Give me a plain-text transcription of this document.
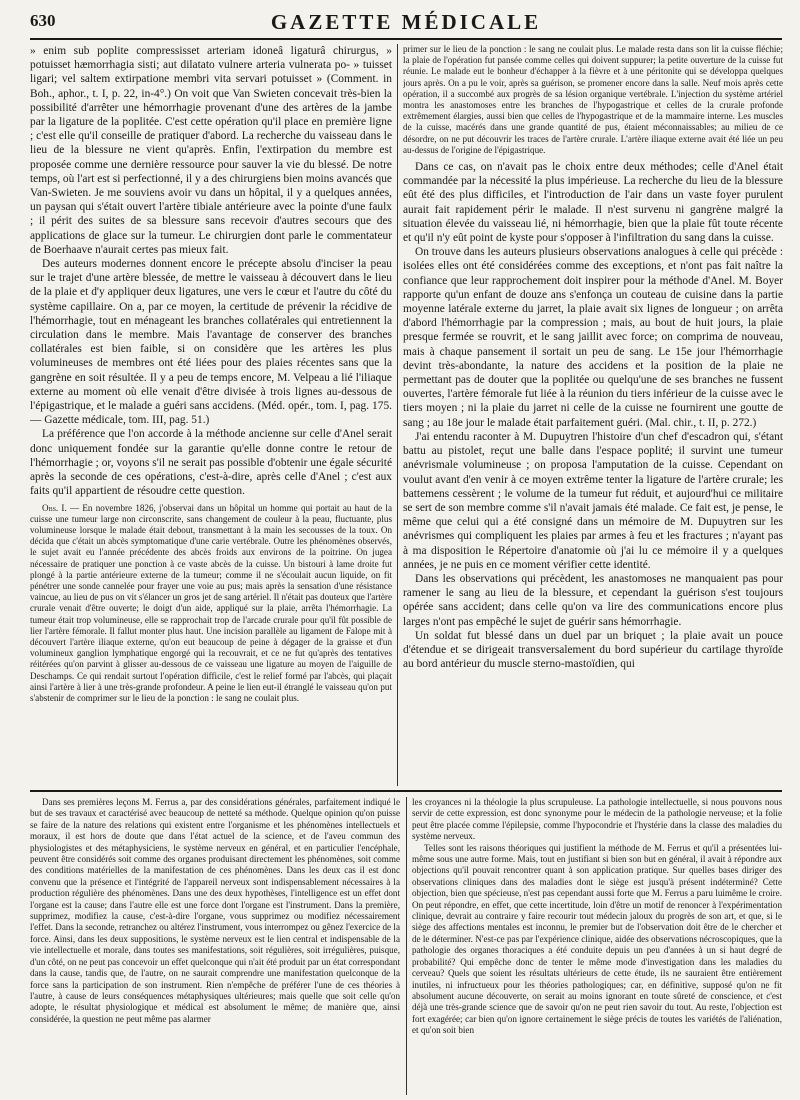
630	GAZETTE MÉDICALE

» enim sub poplite compressisset arteriam idoneâ ligaturâ chirurgus, » potuisset hæmorrhagia sisti; aut dilatato vulnere arteria vulnerata po- » tuisset ligari; vel saltem extirpatione membri vita servari potuisset » (Comment. in Boh., aphor., t. I, p. 22, in-4°.) On voit que Van Swieten concevait très-bien la possibilité d'arrêter une hémorrhagie provenant d'une des artères de la jambe par la ligature de la poplitée. C'est cette opération qu'il place en première ligne ; c'est elle qu'il conseille de pratiquer d'abord. La recherche du vaisseau dans le lieu de la blessure ne vient qu'après. Enfin, l'extirpation du membre est proposée comme une dernière ressource pour sauver la vie du blessé. De notre temps, où l'art est si perfectionné, il y a des chirurgiens bien moins avancés que Van-Swieten. Je me souviens avoir vu dans un hôpital, il y a quelques années, un paysan qui s'était ouvert l'artère tibiale antérieure avec la pointe d'une faulx ; il périt des suites de sa blessure sans recevoir d'autres secours que des applications de glace sur la tumeur. Le chirurgien dont parle le commentateur de Boerhaave n'aurait certes pas mieux fait.

Des auteurs modernes donnent encore le précepte absolu d'inciser la peau sur le trajet d'une artère blessée, de mettre le vaisseau à découvert dans le lieu de la plaie et d'y appliquer deux ligatures, une vers le cœur et l'autre du côté du système capillaire. On a, par ce moyen, la certitude de prévenir la récidive de l'hémorrhagie, tout en ménageant les branches collatérales qui entretiennent la circulation dans le membre. Mais l'avantage de conserver des branches collatérales est bien faible, si on considère que les artères les plus volumineuses de membres ont été liées pour des plaies récentes sans que la gangrène en soit résultée. Il y a peu de temps encore, M. Velpeau a lié l'iliaque externe au moment où elle venait d'être divisée à trois lignes au-dessous de l'épigastrique, et le malade a guéri sans accidens. (Méd. opér., tom. I, pag. 175. — Gazette médicale, tom. III, pag. 51.)

La préférence que l'on accorde à la méthode ancienne sur celle d'Anel serait donc uniquement fondée sur la garantie qu'elle donne contre le retour de l'hémorrhagie ; or, voyons s'il ne serait pas possible d'obtenir une égale sécurité après la seconde de ces opérations, c'est-à-dire, après celle d'Anel ; c'est aux faits qu'il appartient de résoudre cette question.

Obs. I. — En novembre 1826, j'observai dans un hôpital un homme qui portait au haut de la cuisse une tumeur large non circonscrite, sans changement de couleur à la peau, fluctuante, plus volumineuse lorsque le malade était debout, transmettant à la main les secousses de la toux. On décida que c'était un abcès symptomatique d'une carie vertébrale. Outre les phénomènes observés, le sujet avait eu l'année précédente des abcès froids aux environs de la poitrine. On jugea nécessaire de pratiquer une ponction à ce vaste abcès de la cuisse. Un bistouri à lame droite fut plongé à la partie antérieure externe de la tumeur; comme il ne s'écoulait aucun liquide, on fit pénétrer une sonde cannelée pour frayer une voie au pus; mais après la sensation d'une résistance vaincue, au lieu de pus on vit s'élancer un gros jet de sang artériel. Il n'était pas douteux que l'artère crurale venait d'être ouverte; le doigt d'un aide, appliqué sur la plaie, arrêta l'hémorrhagie. La tumeur était trop volumineuse, elle se rapprochait trop de l'arcade crurale pour qu'il fût possible de lier l'artère fémorale. Il fallut monter plus haut. Une incision parallèle au ligament de Falope mit à découvert l'artère iliaque externe, qu'on eut beaucoup de peine à dégager de la graisse et d'un volumineux ganglion lymphatique engorgé qui la recouvrait, et ce ne fut qu'après des tentatives réitérées qu'on parvint à glisser au-dessous de ce vaisseau une ligature au moyen de l'aiguille de Deschamps. Ce qui rendait surtout l'opération difficile, c'est le relief formé par l'abcès, qui plaçait ainsi l'artère à lier à une très-grande profondeur. A peine le lien eut-il étranglé le vaisseau qu'on put s'abstenir de comprimer sur le lieu de la ponction : le sang ne coulait plus.

primer sur le lieu de la ponction : le sang ne coulait plus. Le malade resta dans son lit la cuisse fléchie; la plaie de l'opération fut pansée comme celles qui doivent suppurer; la petite ouverture de la cuisse fut réunie. Le malade eut le bonheur d'échapper à la fièvre et à une péritonite qui se développa quelques jours après. On a pu le voir, après sa guérison, se promener encore dans la salle. Neuf mois après cette opération, il a succombé aux progrès de sa lésion organique vertébrale. L'injection du système artériel montra les anastomoses entre les branches de l'hypogastrique et celles de la crurale profonde extrêmement élargies, aussi bien que celles de l'hypogastrique et de la mammaire interne. Les muscles de la cuisse, macérés dans une grande quantité de pus, étaient méconnaissables; au milieu de ce désordre, on ne put découvrir les traces de l'artère crurale. L'artère iliaque externe avait été liée un peu au-dessus de l'origine de l'épigastrique.

Dans ce cas, on n'avait pas le choix entre deux méthodes; celle d'Anel était commandée par la nécessité la plus impérieuse. La recherche du lieu de la blessure eût été des plus difficiles, et l'introduction de l'air dans un vaste foyer purulent aurait fait rapidement périr le malade. Il n'est survenu ni gangrène malgré la situation élevée du vaisseau lié, ni hémorrhagie, bien que la plaie fût toute récente et qu'il n'y eût point de kyste pour s'opposer à l'infiltration du sang dans la cuisse.

On trouve dans les auteurs plusieurs observations analogues à celle qui précède : isolées elles ont été considérées comme des exceptions, et n'ont pas fait naître la confiance que leur rapprochement doit inspirer pour la méthode d'Anel. M. Boyer rapporte qu'un enfant de douze ans s'enfonça un couteau de cuisine dans la partie moyenne latérale externe du jarret, la plaie avait six lignes de longueur ; on arrêta d'abord l'hémorrhagie par la compression ; mais, au bout de huit jours, la plaie presque fermée se rouvrit, et le sang jaillit avec force; on comprima de nouveau, mais à chaque pansement il sortait un peu de sang. Le 15e jour l'hémorrhagie devint très-abondante, la nature des accidens et la position de la plaie ne permettant pas de douter que la poplitée ou quelqu'une de ses branches ne fussent ouvertes, l'artère fémorale fut liée à la réunion du tiers inférieur de la cuisse avec le tiers moyen ; ni la plaie du jarret ni celle de la cuisse ne fournirent une goutte de sang ; au 18e jour le malade était parfaitement guéri. (Mal. chir., t. II, p. 272.)

J'ai entendu raconter à M. Dupuytren l'histoire d'un chef d'escadron qui, s'étant battu au pistolet, reçut une balle dans l'espace poplité; il survint une tumeur anévrismale volumineuse ; on proposa l'amputation de la cuisse. Cependant on voulut avant d'en venir à ce moyen extrême tenter la ligature de l'artère crurale; les battemens cessèrent ; le volume de la tumeur fut réduit, et aujourd'hui ce militaire se sert de son membre comme s'il n'avait jamais été malade. Ce fait est, je pense, le même que celui qui a été consigné dans un mémoire de M. Dupuytren sur les anévrismes qui compliquent les plaies par armes à feu et les fractures ; n'ayant pas à ma disposition le Répertoire d'anatomie où j'ai lu ce mémoire il y a quelques années, je ne puis en ce moment vérifier cette identité.

Dans les observations qui précèdent, les anastomoses ne manquaient pas pour ramener le sang au lieu de la blessure, et cependant la guérison s'est toujours opérée sans accident; dans celle qu'on va lire des communications encore plus larges n'ont pas empêché le sujet de guérir sans hémorrhagie.

Un soldat fut blessé dans un duel par un briquet ; la plaie avait un pouce d'étendue et se dirigeait transversalement du bord supérieur du cartilage thyroïde au bord antérieur du muscle sterno-mastoïdien, qui

Dans ses premières leçons M. Ferrus a, par des considérations générales, parfaitement indiqué le but de ses travaux et caractérisé avec beaucoup de netteté sa méthode. Quelque opinion qu'on puisse se faire de la nature des relations qui existent entre l'organisme et les phénomènes intellectuels et moraux, il est hors de doute que dans l'état actuel de la science, et de l'aveu commun des physiologistes et des métaphysiciens, le système nerveux en général, et en particulier l'encéphale, peuvent être considérés soit comme des organes produisant directement les phénomènes, soit comme des conditions matérielles de la manifestation de ces phénomènes. Dans les deux cas il est donc convenu que la présence et l'intégrité de l'appareil nerveux sont indispensablement nécessaires à la production régulière des phénomènes. Dans une des deux hypothèses, l'intelligence est un effet dont l'organe est la cause; dans l'autre elle est une force dont l'organe est l'instrument. Dans la première, supprimez, modifiez la cause, c'est-à-dire l'organe, vous supprimez ou modifiez nécessairement l'effet. Dans la seconde, retranchez ou altérez l'instrument, vous interrompez ou gênez l'exercice de la force. Ainsi, dans les deux suppositions, le système nerveux est le lien central et indispensable de la vie intellectuelle et morale, dans toutes ses manifestations, soit régulières, soit irrégulières, puisque, d'un côté, on ne peut pas concevoir un effet quelconque qui n'ait été produit par un état correspondant dans la cause, tandis que, de l'autre, on ne saurait comprendre une manifestation quelconque de la force sans la participation de son instrument. Rien n'empêche de préférer l'une de ces théories à l'autre, à cause de leurs conséquences métaphysiques ultérieures; mais quelle que soit celle qu'on adopte, le résultat physiologique et médical est absolument le même; de manière que, ainsi considérée, la question ne peut même pas alarmer

les croyances ni la théologie la plus scrupuleuse. La pathologie intellectuelle, si nous pouvons nous servir de cette expression, est donc synonyme pour le médecin de la pathologie nerveuse; et la folie peut être placée comme l'épilepsie, comme l'hypocondrie et l'hystérie dans la classe des maladies du système nerveux.

Telles sont les raisons théoriques qui justifient la méthode de M. Ferrus et qu'il a présentées lui-même sous une autre forme. Mais, tout en justifiant si bien son but en général, il avait à répondre aux objections qu'il pouvait rencontrer quant à son application pratique. Sur quelles bases diriger des observations cliniques dans des maladies dont le siège est jusqu'à présent indéterminé? Cette objection, bien que spécieuse, n'est pas cependant aussi forte que M. Ferrus a paru luimême le croire. On peut répondre, en effet, que cette incertitude, loin d'être un motif de renoncer à l'expérimentation clinique, devrait au contraire y faire recourir tout médecin jaloux du progrès de son art, et que, si le siège des affections mentales est inconnu, le premier but de l'observation doit être de le chercher et de le déterminer. N'est-ce pas par l'expérience clinique, aidée des observations nécroscopiques, que la pathologie des organes thoraciques a été conduite depuis un peu d'années à un si haut degré de probabilité? Qui empêche donc de tenter le même mode d'investigation dans les maladies du cerveau? Quels que soient les résultats ultérieurs de cette étude, ils ne sauraient être entièrement inutiles, ni infructueux pour les théories pathologiques; car, en définitive, supposé qu'on ne fit absolument aucune découverte, on serait au moins ignorant en toute sûreté de conscience, et c'est déjà une très-grande science que de savoir qu'on ne peut rien savoir du tout. Au reste, l'objection est fort exagérée; car bien qu'on ignore certainement le siège précis de toutes les variétés de l'aliénation, et qu'on soit bien
